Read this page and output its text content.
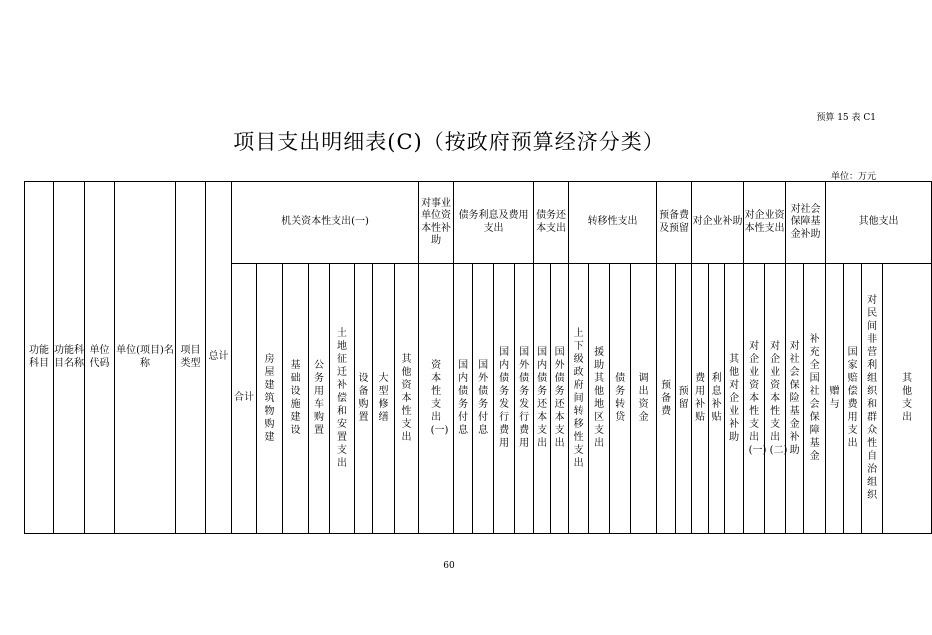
预算 15 表 C1
项目支出明细表(C)（按政府预算经济分类）
单位：万元
功能科目	功能科目名称	单位代码	单位(项目)名称	项目类型	总计	机关资本性支出(一)								对事业单位资本性补助	债务利息及费用支出				债务还本支出		转移性支出				预备费及预留		对企业补助			对企业资本性支出		对社会保障基金补助		其他支出			
						合计	房屋建筑物购建	基础设施建设	公务用车购置	土地征迁补偿和安置支出	设备购置	大型修缮	其他资本性支出	资本性支出(一)	国内债务付息	国外债务付息	国内债务发行费用	国外债务发行费用	国内债务还本支出	国外债务还本支出	上下级政府间转移性支出	援助其他地区支出	债务转贷	调出资金	预备费	预留	费用补贴	利息补贴	其他对企业补助	对企业资本性支出(一)	对企业资本性支出(二)	对社会保险基金补助	补充全国社会保障基金	赠与	国家赔偿费用支出	对民间非营利组织和群众性自治组织	其他支出
60
